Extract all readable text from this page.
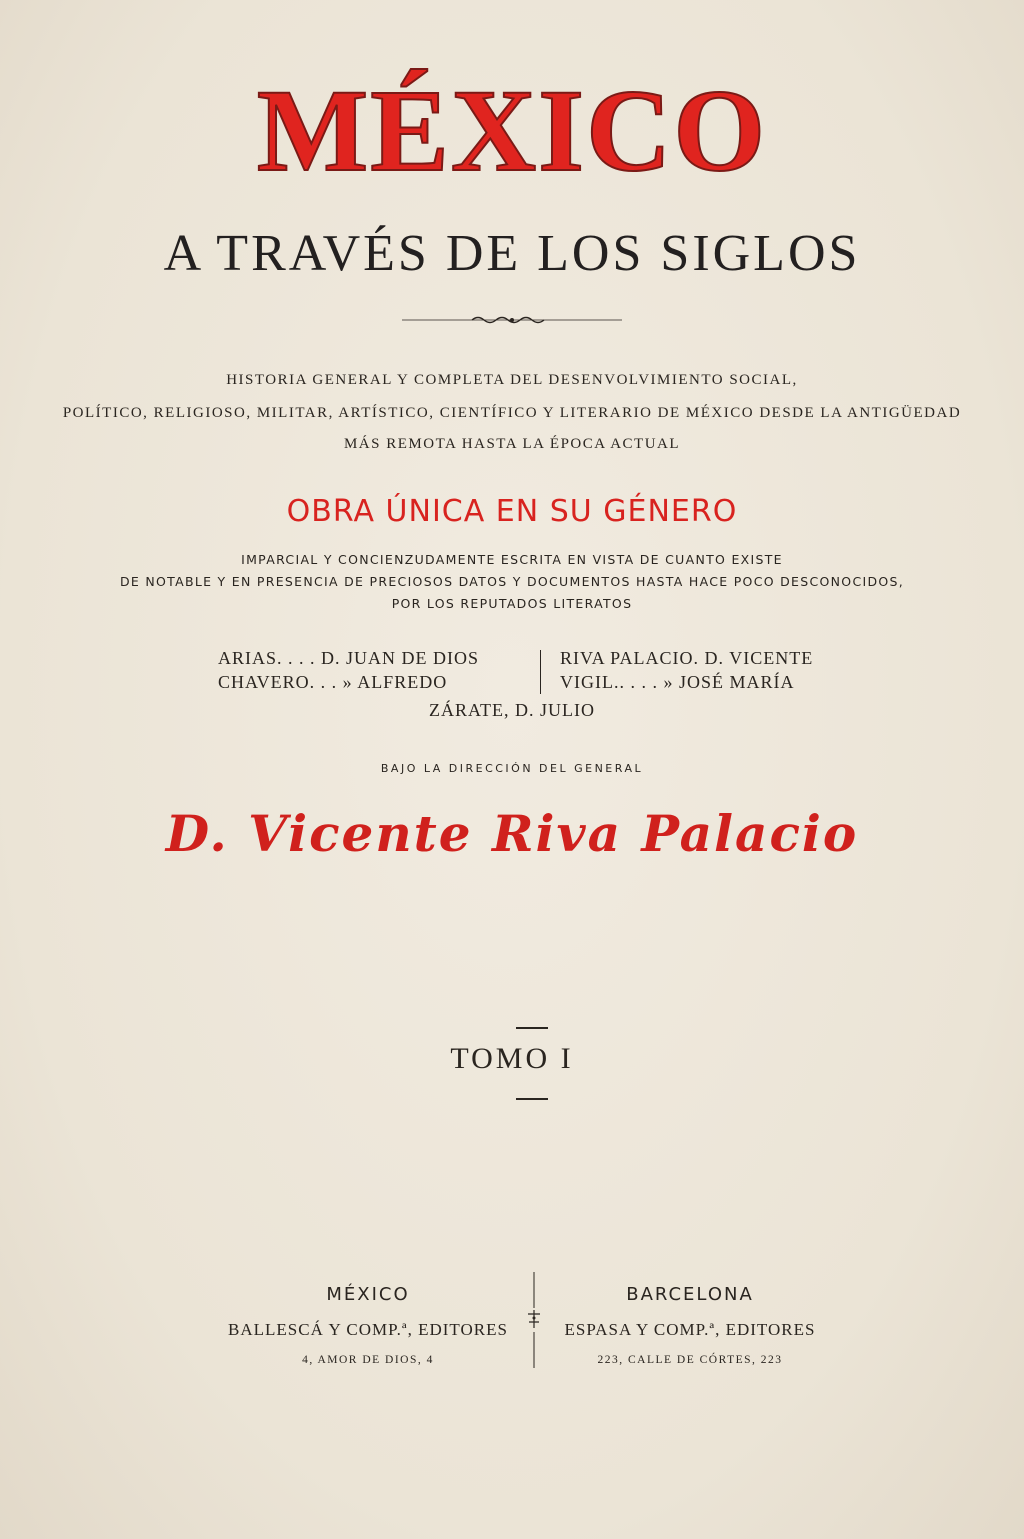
MÉXICO
A TRAVÉS DE LOS SIGLOS
HISTORIA GENERAL Y COMPLETA DEL DESENVOLVIMIENTO SOCIAL,
POLÍTICO, RELIGIOSO, MILITAR, ARTÍSTICO, CIENTÍFICO Y LITERARIO DE MÉXICO DESDE LA ANTIGÜEDAD
MÁS REMOTA HASTA LA ÉPOCA ACTUAL
OBRA ÚNICA EN SU GÉNERO
IMPARCIAL Y CONCIENZUDAMENTE ESCRITA EN VISTA DE CUANTO EXISTE
DE NOTABLE Y EN PRESENCIA DE PRECIOSOS DATOS Y DOCUMENTOS HASTA HACE POCO DESCONOCIDOS,
POR LOS REPUTADOS LITERATOS
ARIAS. . . . D. JUAN DE DIOS
CHAVERO. . . » ALFREDO
RIVA PALACIO. D. VICENTE
VIGIL.. . . . » JOSÉ MARÍA
ZÁRATE, D. JULIO
BAJO LA DIRECCIÓN DEL GENERAL
D. Vicente Riva Palacio
TOMO I
MÉXICO
BALLESCÁ Y COMP.ª, EDITORES
4, AMOR DE DIOS, 4
BARCELONA
ESPASA Y COMP.ª, EDITORES
223, CALLE DE CÓRTES, 223
